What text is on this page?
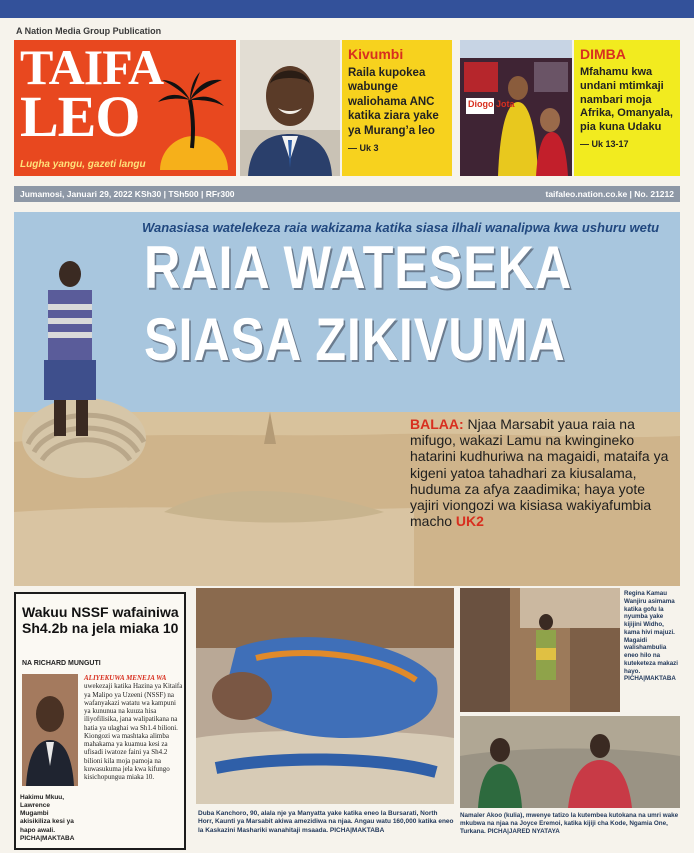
A Nation Media Group Publication
TAIFA
LEO
Lugha yangu, gazeti langu
Kivumbi
Raila kupokea wabunge waliohama ANC katika ziara yake ya Murang’a leo
— Uk 3
Diogo Jota
DIMBA
Mfahamu kwa undani mtimkaji nambari moja Afrika, Omanyala, pia kuna Udaku
— Uk 13-17
Jumamosi, Januari 29, 2022 KSh30 | TSh500 | RFr300	taifaleo.nation.co.ke | No. 21212
Wanasiasa watelekeza raia wakizama katika siasa ilhali wanalipwa kwa ushuru wetu
RAIA WATESEKA
SIASA ZIKIVUMA
BALAA: Njaa Marsabit yaua raia na mifugo, wakazi Lamu na kwingineko hatarini kudhuriwa na magaidi, mataifa ya kigeni yatoa tahadhari za kiusalama, huduma za afya zaadimika; haya yote yajiri viongozi wa kisiasa wakiyafumbia macho UK2
Wakuu NSSF wafainiwa Sh4.2b na jela miaka 10
NA RICHARD MUNGUTI
Hakimu Mkuu, Lawrence Mugambi akisikiliza kesi ya hapo awali. PICHA|MAKTABA
ALIYEKUWA MENEJA WA uwekezaji katika Hazina ya Kitaifa ya Malipo ya Uzeeni (NSSF) na wafanyakazi watatu wa kampuni ya kununua na kuuza hisa iliyofilisika, jana walipatikana na hatia ya ulaghai wa Sh1.4 bilioni. Kiongozi wa mashtaka alimba mahakama ya kuamua kesi za ufisadi iwatoze faini ya Sh4.2 bilioni kila moja pamoja na kuwasukuma jela kwa kifungo kisichopungua miaka 10.
Duba Kanchoro, 90, alala nje ya Manyatta yake katika eneo la Bursarati, North Horr, Kaunti ya Marsabit akiwa amezidiwa na njaa. Angau watu 160,000 katika eneo la Kaskazini Mashariki wanahitaji msaada. PICHA|MAKTABA
Regina Kamau Wanjiru asimama katika gofu la nyumba yake kijijini Widho, kama hivi majuzi. Magaidi walishambulia eneo hilo na kuteketeza makazi hayo. PICHA|MAKTABA
Namaler Akoo (kulia), mwenye tatizo la kutembea kutokana na umri wake mkubwa na njaa na Joyce Eremoi, katika kijiji cha Kode, Ngamia One, Turkana. PICHA|JARED NYATAYA
